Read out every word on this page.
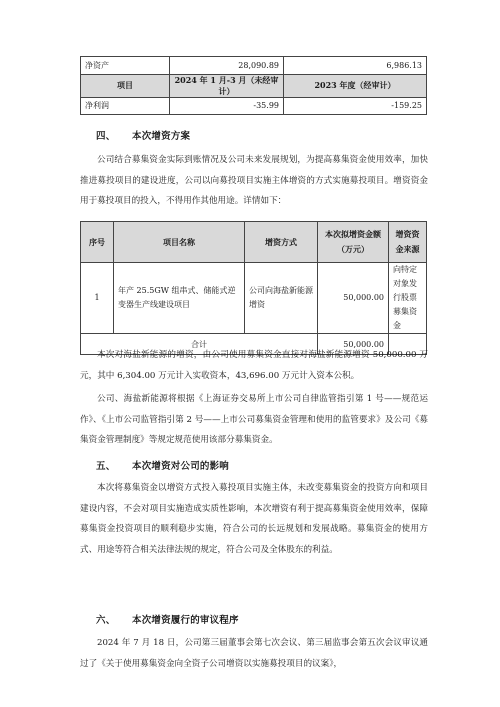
净资产	28,090.89	6,986.13
项目	2024 年 1 月-3 月（未经审计）	2023 年度（经审计）
净利润	-35.99	-159.25
四、 本次增资方案
公司结合募集资金实际到账情况及公司未来发展规划，为提高募集资金使用效率，加快推进募投项目的建设进度，公司以向募投项目实施主体增资的方式实施募投项目。增资资金用于募投项目的投入，不得用作其他用途。详情如下：
序号	项目名称	增资方式	本次拟增资金额（万元）	增资资金来源
1	年产 25.5GW 组串式、储能式逆变器生产线建设项目	公司向海盐新能源增资	50,000.00	向特定对象发行股票募集资金
合计			50,000.00	
本次对海盐新能源的增资，由公司使用募集资金直接对海盐新能源增资 50,000.00 万元，其中 6,304.00 万元计入实收资本，43,696.00 万元计入资本公积。
公司、海盐新能源将根据《上海证券交易所上市公司自律监管指引第 1 号——规范运作》、《上市公司监管指引第 2 号——上市公司募集资金管理和使用的监管要求》及公司《募集资金管理制度》等规定规范使用该部分募集资金。
五、 本次增资对公司的影响
本次将募集资金以增资方式投入募投项目实施主体，未改变募集资金的投资方向和项目建设内容，不会对项目实施造成实质性影响，本次增资有利于提高募集资金使用效率，保障募集资金投资项目的顺利稳步实施，符合公司的长远规划和发展战略。募集资金的使用方式、用途等符合相关法律法规的规定，符合公司及全体股东的利益。
六、 本次增资履行的审议程序
2024 年 7 月 18 日，公司第三届董事会第七次会议、第三届监事会第五次会议审议通过了《关于使用募集资金向全资子公司增资以实施募投项目的议案》，
